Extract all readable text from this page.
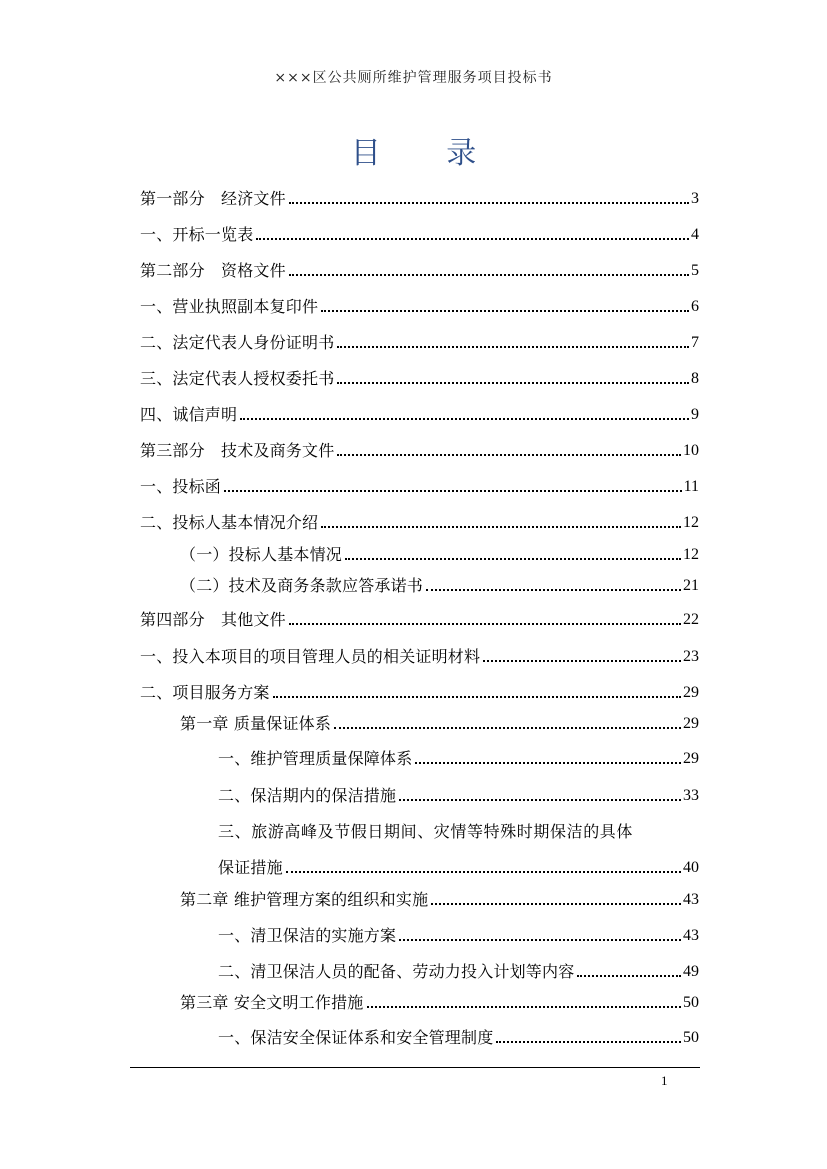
×××区公共厕所维护管理服务项目投标书
目 录
第一部分　经济文件	3
一、开标一览表	4
第二部分　资格文件	5
一、营业执照副本复印件	6
二、法定代表人身份证明书	7
三、法定代表人授权委托书	8
四、诚信声明	9
第三部分　技术及商务文件	10
一、投标函	11
二、投标人基本情况介绍	12
（一）投标人基本情况	12
（二）技术及商务条款应答承诺书	21
第四部分　其他文件	22
一、投入本项目的项目管理人员的相关证明材料	23
二、项目服务方案	29
第一章 质量保证体系	29
一、维护管理质量保障体系	29
二、保洁期内的保洁措施	33
三、旅游高峰及节假日期间、灾情等特殊时期保洁的具体
保证措施	40
第二章 维护管理方案的组织和实施	43
一、清卫保洁的实施方案	43
二、清卫保洁人员的配备、劳动力投入计划等内容	49
第三章 安全文明工作措施	50
一、保洁安全保证体系和安全管理制度	50
1
